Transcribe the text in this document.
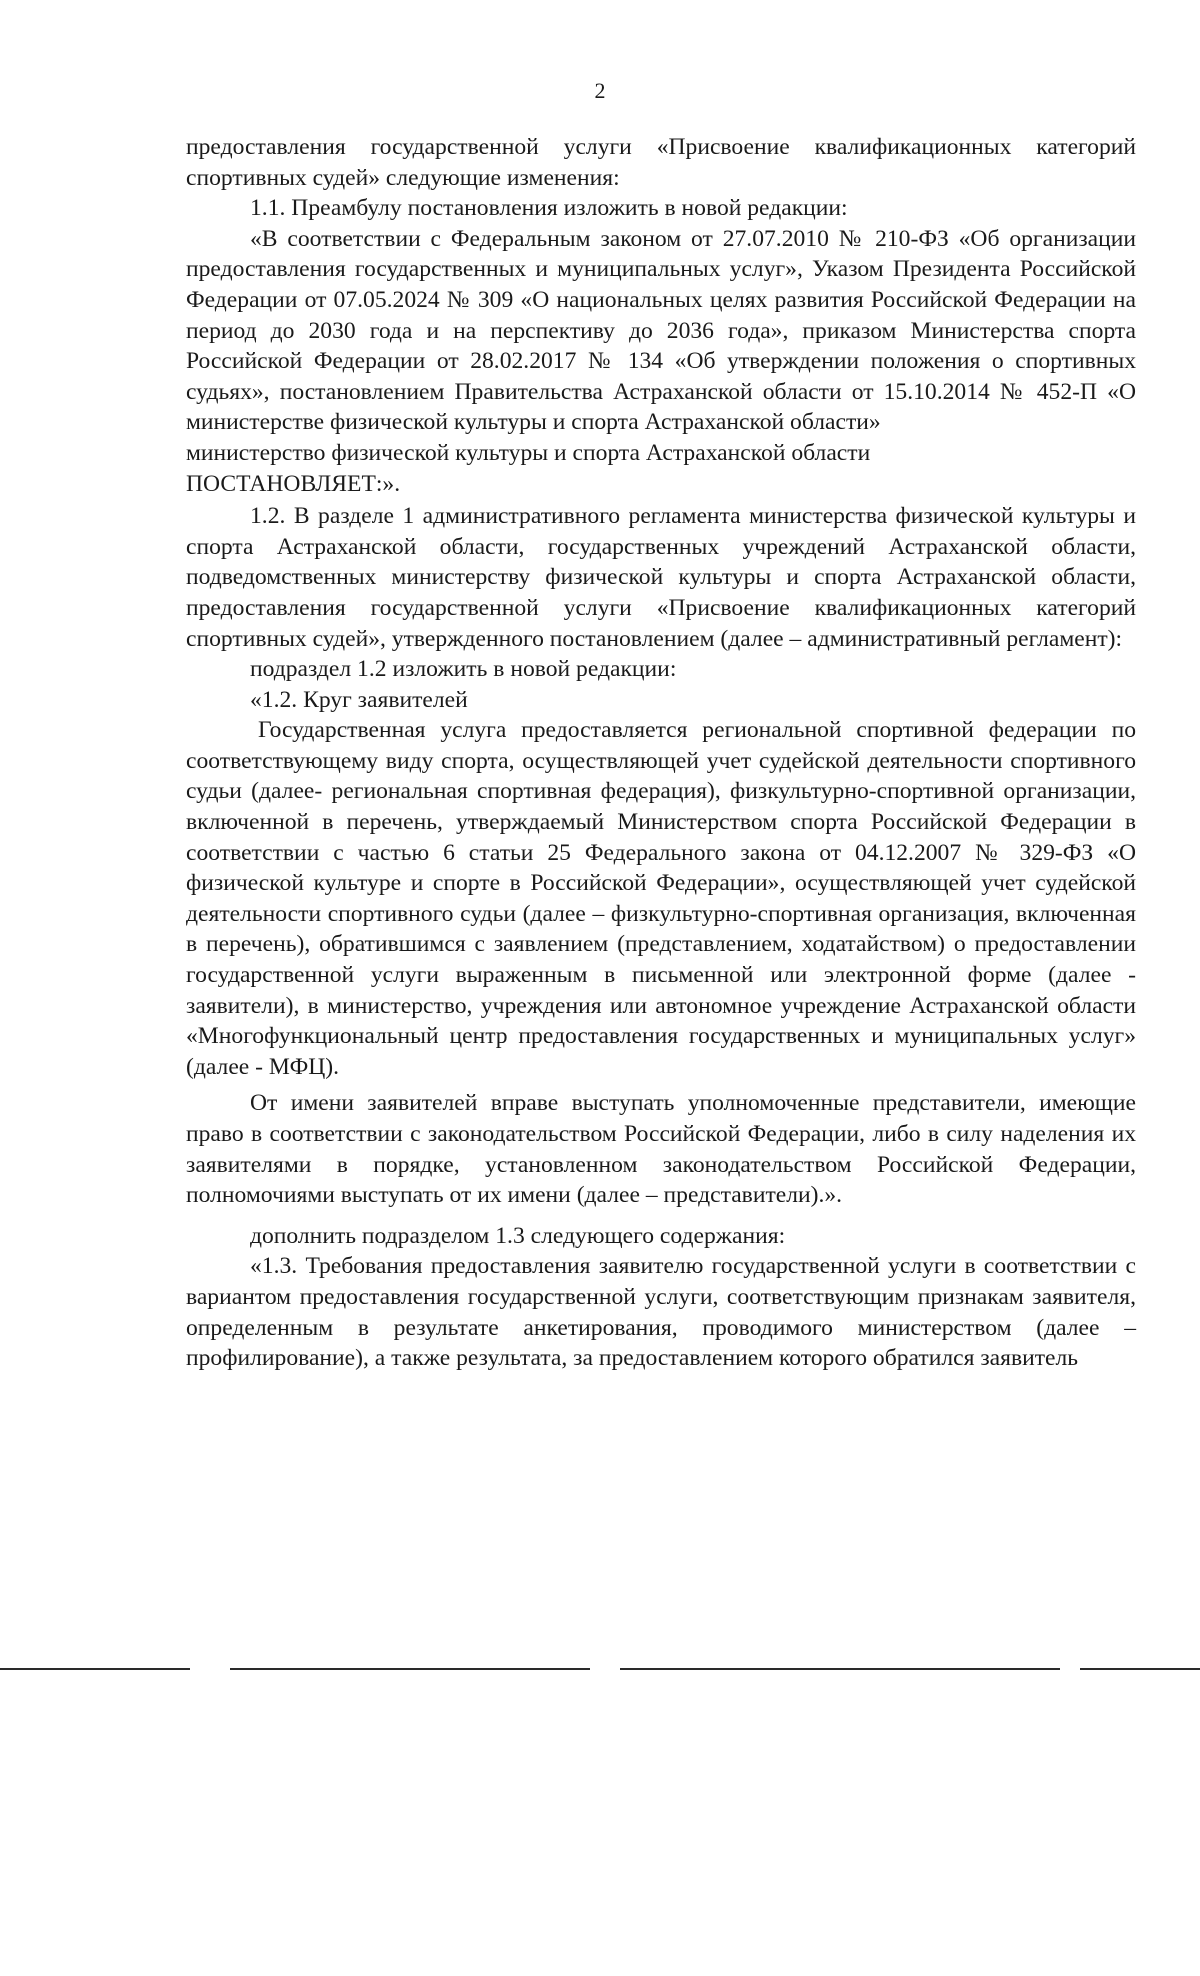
2

предоставления государственной услуги «Присвоение квалификационных категорий спортивных судей» следующие изменения:

1.1. Преамбулу постановления изложить в новой редакции:

«В соответствии с Федеральным законом от 27.07.2010 № 210-ФЗ «Об организации предоставления государственных и муниципальных услуг», Указом Президента Российской Федерации от 07.05.2024 № 309 «О национальных целях развития Российской Федерации на период до 2030 года и на перспективу до 2036 года», приказом Министерства спорта Российской Федерации от 28.02.2017 № 134 «Об утверждении положения о спортивных судьях», постановлением Правительства Астраханской области от 15.10.2014 № 452-П «О министерстве физической культуры и спорта Астраханской области»

министерство физической культуры и спорта Астраханской области

ПОСТАНОВЛЯЕТ:».

1.2. В разделе 1 административного регламента министерства физической культуры и спорта Астраханской области, государственных учреждений Астраханской области, подведомственных министерству физической культуры и спорта Астраханской области, предоставления государственной услуги «Присвоение квалификационных категорий спортивных судей», утвержденного постановлением (далее – административный регламент):

подраздел 1.2 изложить в новой редакции:

«1.2. Круг заявителей

Государственная услуга предоставляется региональной спортивной федерации по соответствующему виду спорта, осуществляющей учет судейской деятельности спортивного судьи (далее- региональная спортивная федерация), физкультурно-спортивной организации, включенной в перечень, утверждаемый Министерством спорта Российской Федерации в соответствии с частью 6 статьи 25 Федерального закона от 04.12.2007 № 329-ФЗ «О физической культуре и спорте в Российской Федерации», осуществляющей учет судейской деятельности спортивного судьи (далее – физкультурно-спортивная организация, включенная в перечень), обратившимся с заявлением (представлением, ходатайством) о предоставлении государственной услуги выраженным в письменной или электронной форме (далее - заявители), в министерство, учреждения или автономное учреждение Астраханской области «Многофункциональный центр предоставления государственных и муниципальных услуг» (далее - МФЦ).

От имени заявителей вправе выступать уполномоченные представители, имеющие право в соответствии с законодательством Российской Федерации, либо в силу наделения их заявителями в порядке, установленном законодательством Российской Федерации, полномочиями выступать от их имени (далее – представители).».

дополнить подразделом 1.3 следующего содержания:

«1.3. Требования предоставления заявителю государственной услуги в соответствии с вариантом предоставления государственной услуги, соответствующим признакам заявителя, определенным в результате анкетирования, проводимого министерством (далее – профилирование), а также результата, за предоставлением которого обратился заявитель
